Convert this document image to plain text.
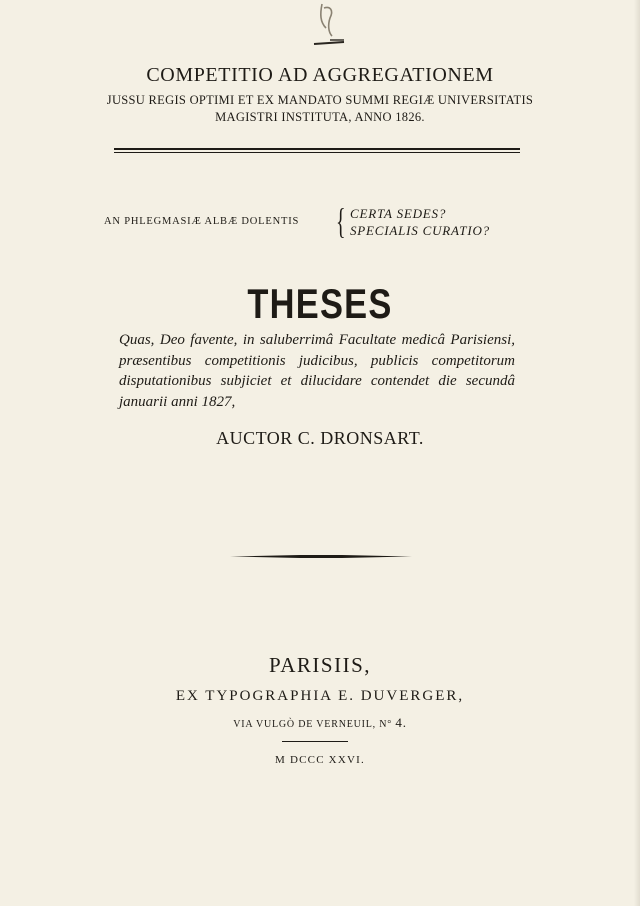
COMPETITIO AD AGGREGATIONEM
JUSSU REGIS OPTIMI ET EX MANDATO SUMMI REGIÆ UNIVERSITATIS
MAGISTRI INSTITUTA, ANNO 1826.
AN PHLEGMASIÆ ALBÆ DOLENTIS { CERTA SEDES?
SPECIALIS CURATIO?
THESES
Quas, Deo favente, in saluberrimâ Facultate medicâ Parisiensi,
præsentibus competitionis judicibus, publicis competitorum
disputationibus subjiciet et dilucidare contendet die secundâ
januarii anni 1827,
AUCTOR C. DRONSART.
PARISIIS,
EX TYPOGRAPHIA E. DUVERGER,
VIA VULGÒ DE VERNEUIL, N° 4.
M DCCC XXVI.
